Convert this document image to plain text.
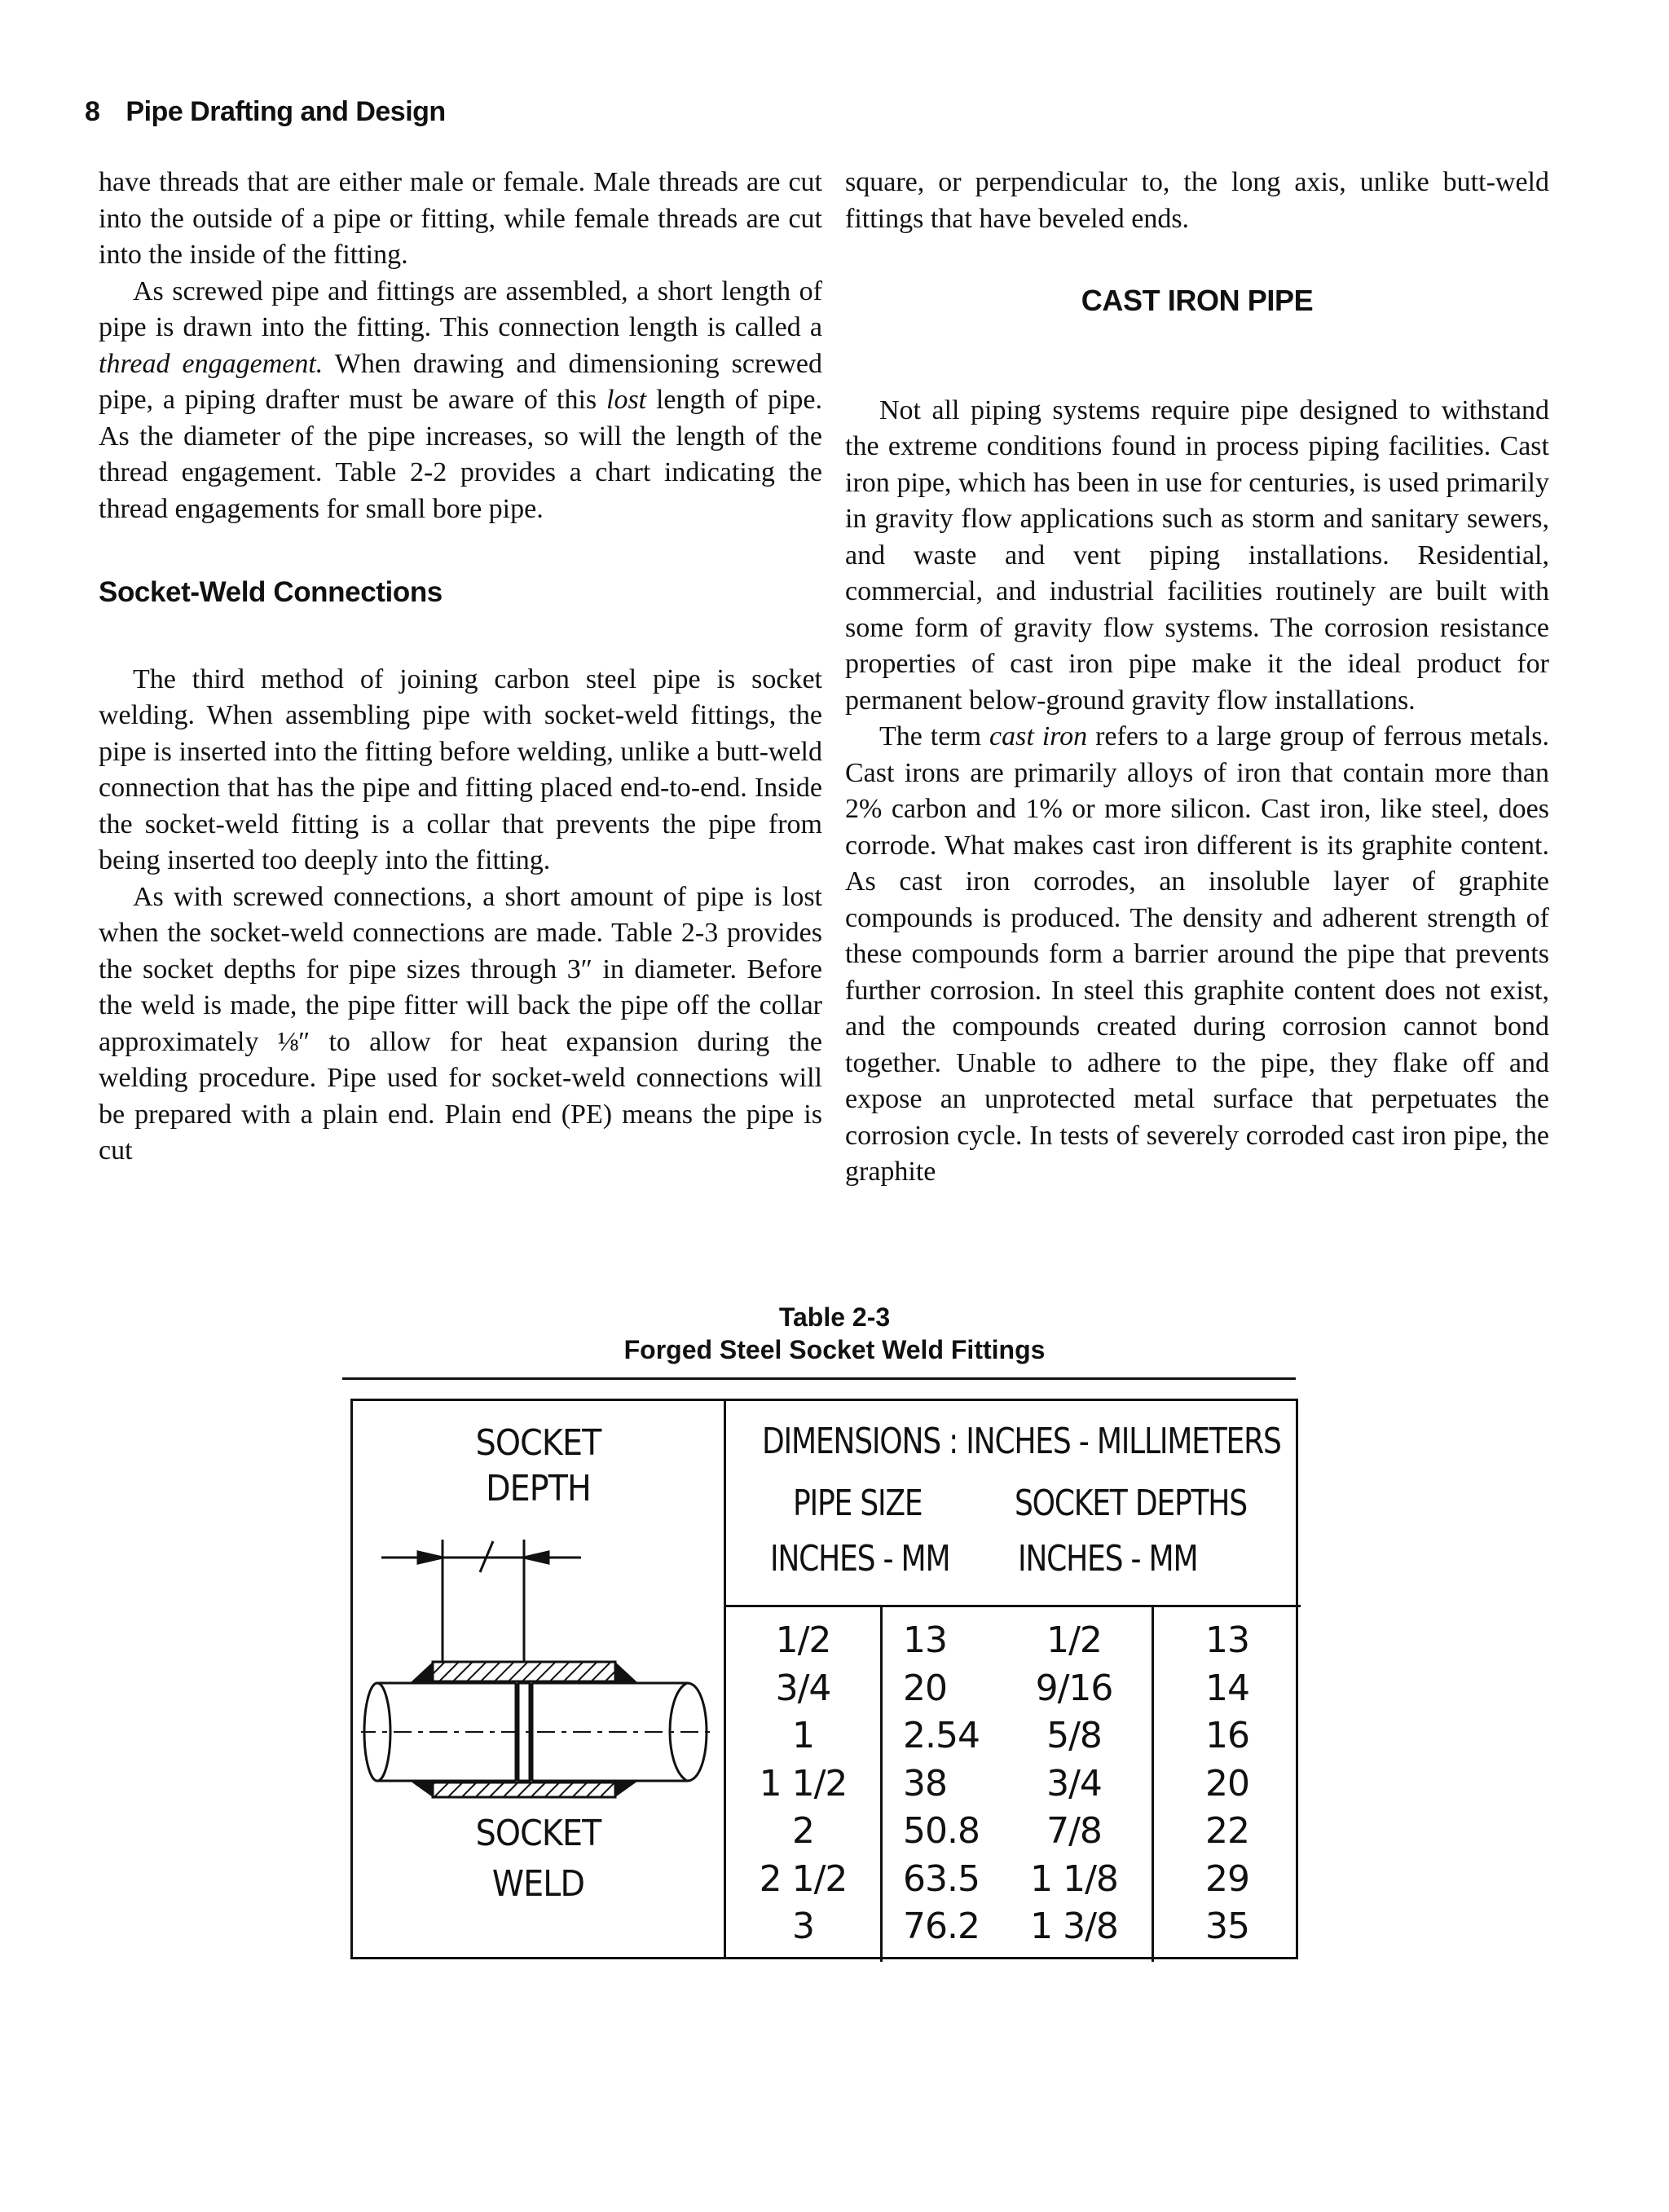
8 Pipe Drafting and Design

have threads that are either male or female. Male threads are cut into the outside of a pipe or fitting, while female threads are cut into the inside of the fitting.

As screwed pipe and fittings are assembled, a short length of pipe is drawn into the fitting. This connection length is called a thread engagement. When drawing and dimensioning screwed pipe, a piping drafter must be aware of this lost length of pipe. As the diameter of the pipe increases, so will the length of the thread engagement. Table 2-2 provides a chart indicating the thread engagements for small bore pipe.

Socket-Weld Connections

The third method of joining carbon steel pipe is socket welding. When assembling pipe with socket-weld fittings, the pipe is inserted into the fitting before welding, unlike a butt-weld connection that has the pipe and fitting placed end-to-end. Inside the socket-weld fitting is a collar that prevents the pipe from being inserted too deeply into the fitting.

As with screwed connections, a short amount of pipe is lost when the socket-weld connections are made. Table 2-3 provides the socket depths for pipe sizes through 3″ in diameter. Before the weld is made, the pipe fitter will back the pipe off the collar approximately ⅛″ to allow for heat expansion during the welding procedure. Pipe used for socket-weld connections will be prepared with a plain end. Plain end (PE) means the pipe is cut

square, or perpendicular to, the long axis, unlike butt-weld fittings that have beveled ends.

CAST IRON PIPE

Not all piping systems require pipe designed to withstand the extreme conditions found in process piping facilities. Cast iron pipe, which has been in use for centuries, is used primarily in gravity flow applications such as storm and sanitary sewers, and waste and vent piping installations. Residential, commercial, and industrial facilities routinely are built with some form of gravity flow systems. The corrosion resistance properties of cast iron pipe make it the ideal product for permanent below-ground gravity flow installations.

The term cast iron refers to a large group of ferrous metals. Cast irons are primarily alloys of iron that contain more than 2% carbon and 1% or more silicon. Cast iron, like steel, does corrode. What makes cast iron different is its graphite content. As cast iron corrodes, an insoluble layer of graphite compounds is produced. The density and adherent strength of these compounds form a barrier around the pipe that prevents further corrosion. In steel this graphite content does not exist, and the compounds created during corrosion cannot bond together. Unable to adhere to the pipe, they flake off and expose an unprotected metal surface that perpetuates the corrosion cycle. In tests of severely corroded cast iron pipe, the graphite

Table 2-3
Forged Steel Socket Weld Fittings
SOCKET
DEPTH
SOCKET
WELD
DIMENSIONS : INCHES - MILLIMETERS
PIPE SIZE	SOCKET DEPTHS
INCHES - MM INCHES - MM
1/2
3/4
1
1 1/2
2
2 1/2
3
13
20
2.54
38
50.8
63.5
76.2
1/2
9/16
5/8
3/4
7/8
1 1/8
1 3/8
13
14
16
20
22
29
35
